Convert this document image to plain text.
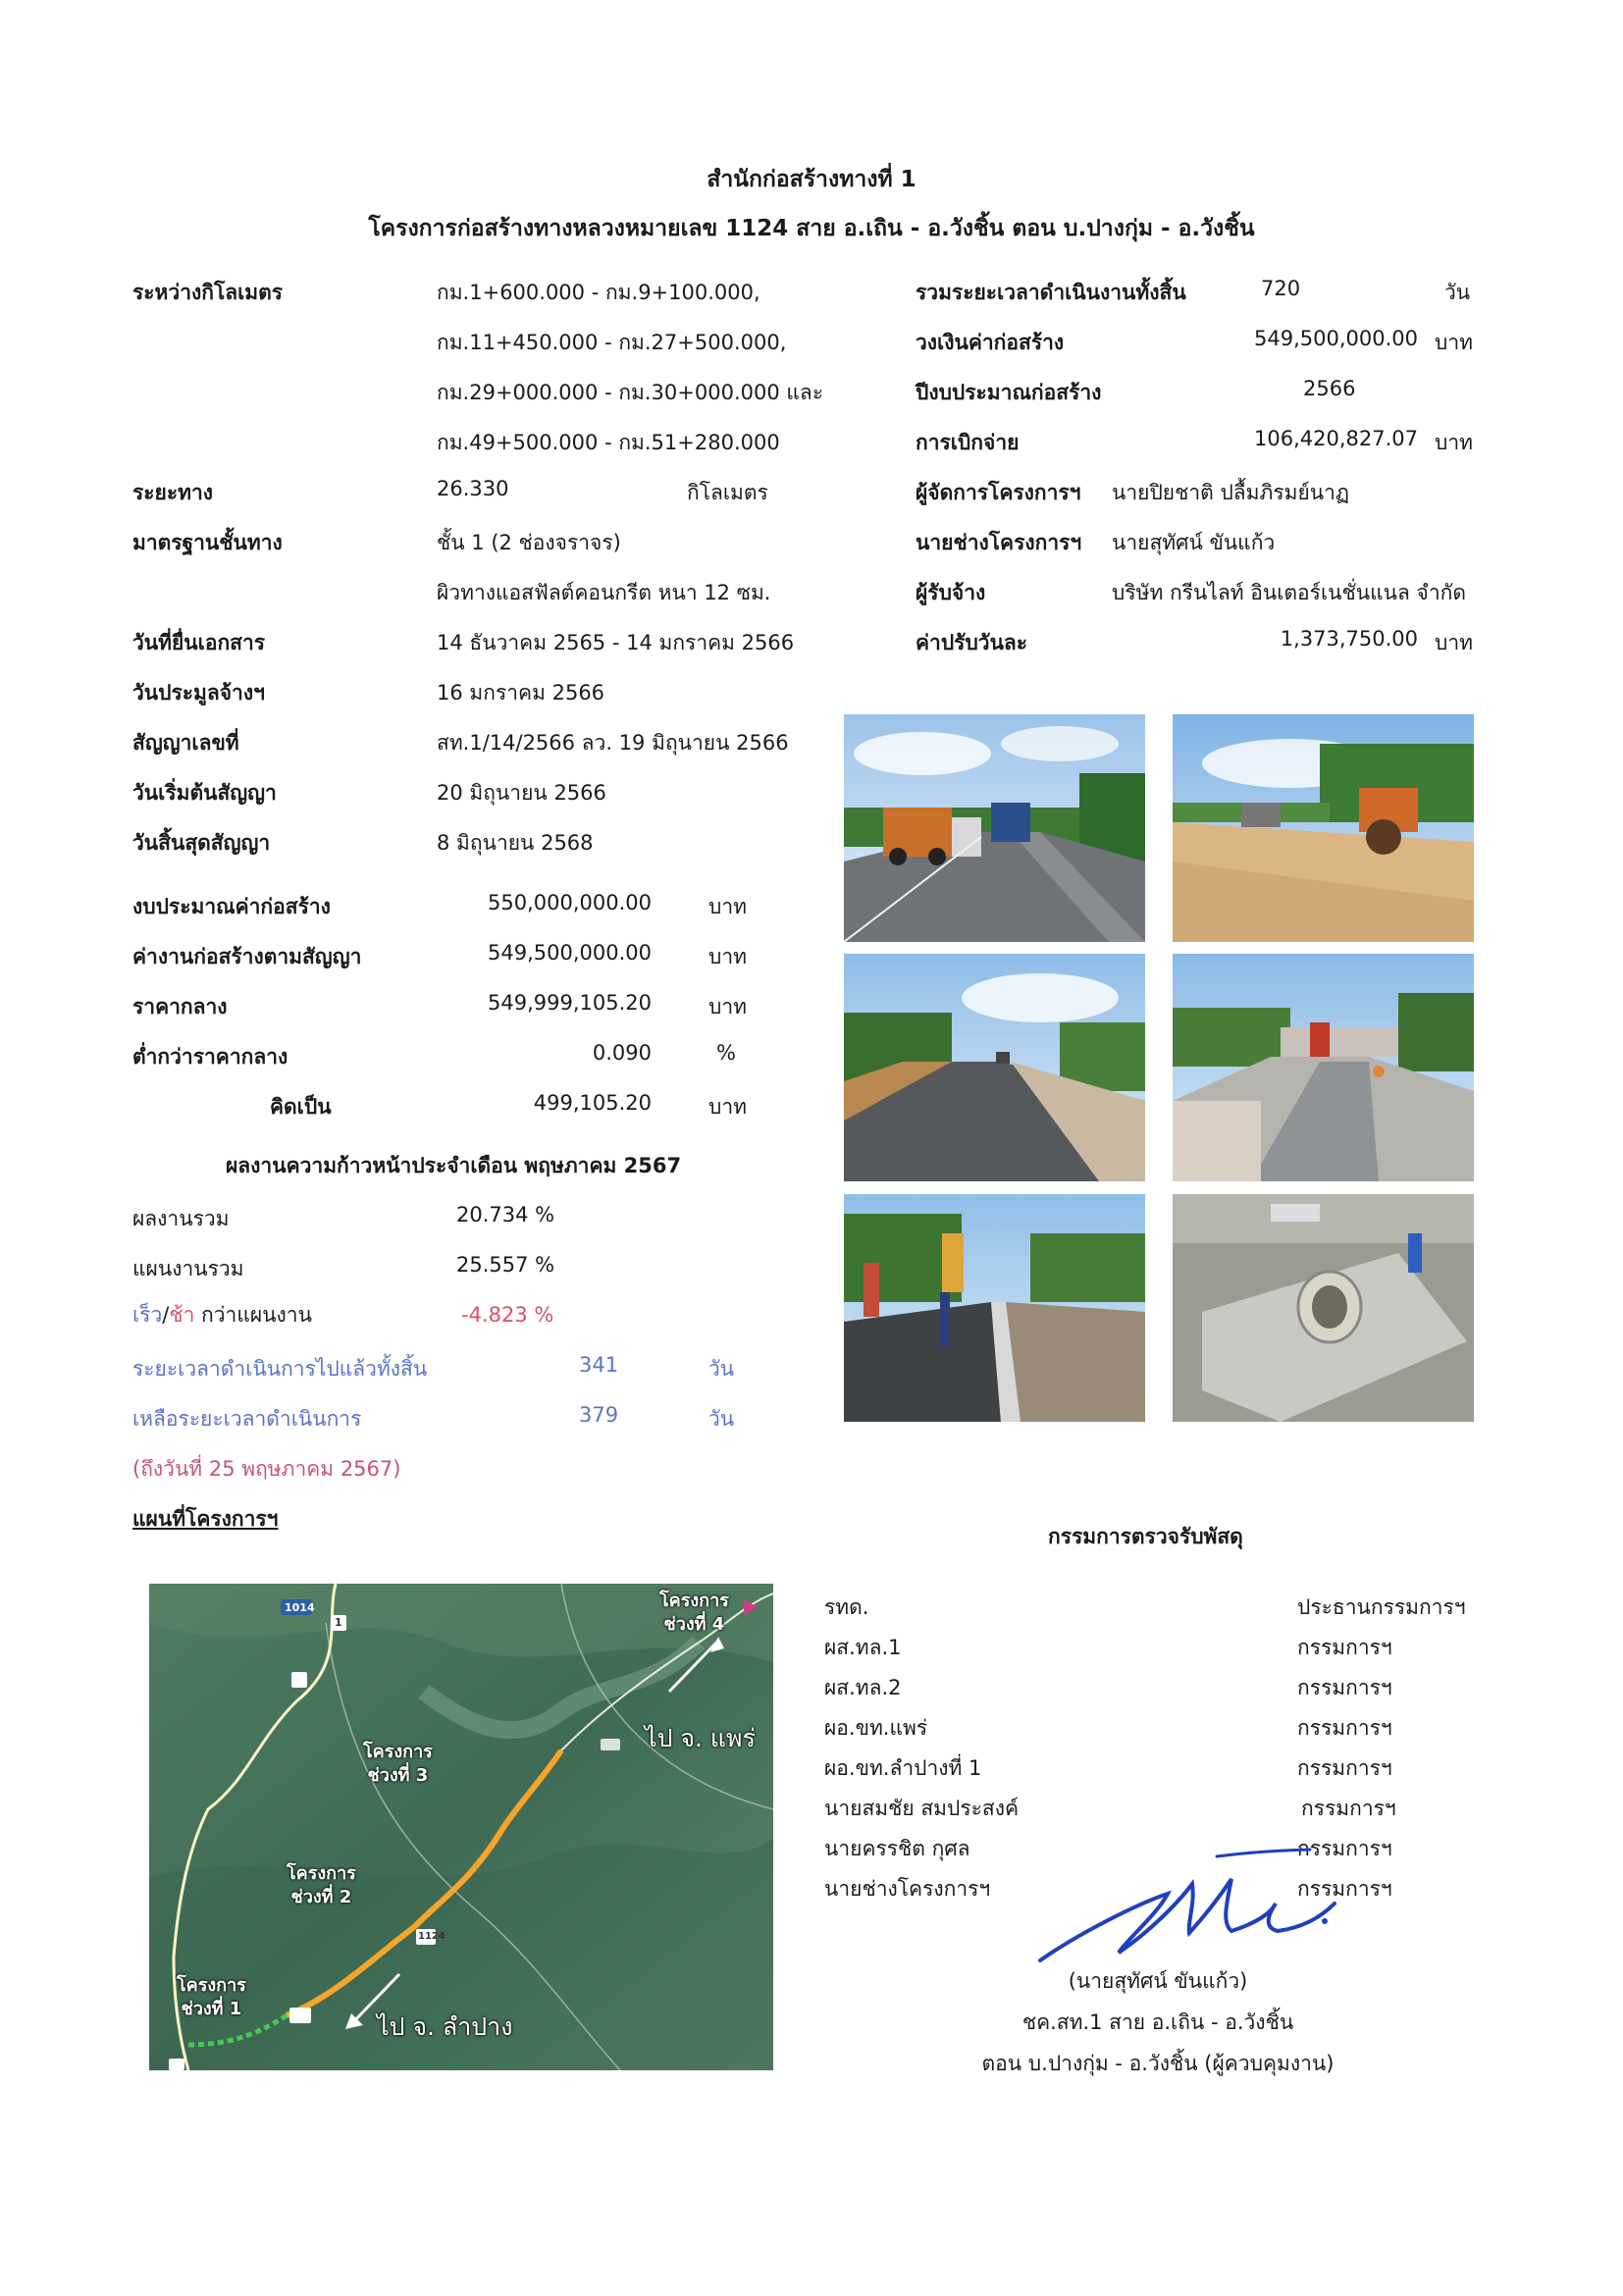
สำนักก่อสร้างทางที่ 1
โครงการก่อสร้างทางหลวงหมายเลข 1124 สาย อ.เถิน - อ.วังชิ้น ตอน บ.ปางกุ่ม - อ.วังชิ้น
ระหว่างกิโลเมตร	กม.1+600.000 - กม.9+100.000,
กม.11+450.000 - กม.27+500.000,
กม.29+000.000 - กม.30+000.000 และ
กม.49+500.000 - กม.51+280.000
ระยะทาง	26.330	กิโลเมตร
มาตรฐานชั้นทาง	ชั้น 1 (2 ช่องจราจร)
ผิวทางแอสฟัลต์คอนกรีต หนา 12 ซม.
วันที่ยื่นเอกสาร	14 ธันวาคม 2565 - 14 มกราคม 2566
วันประมูลจ้างฯ	16 มกราคม 2566
สัญญาเลขที่	สท.1/14/2566 ลว. 19 มิถุนายน 2566
วันเริ่มต้นสัญญา	20 มิถุนายน 2566
วันสิ้นสุดสัญญา	8 มิถุนายน 2568
รวมระยะเวลาดำเนินงานทั้งสิ้น	720	วัน
วงเงินค่าก่อสร้าง	549,500,000.00 บาท
ปีงบประมาณก่อสร้าง	2566
การเบิกจ่าย	106,420,827.07 บาท
ผู้จัดการโครงการฯ นายปิยชาติ ปลื้มภิรมย์นาฏ
นายช่างโครงการฯ นายสุทัศน์ ขันแก้ว
ผู้รับจ้าง	บริษัท กรีนไลท์ อินเตอร์เนชั่นแนล จำกัด
ค่าปรับวันละ	1,373,750.00 บาท
งบประมาณค่าก่อสร้าง	550,000,000.00	บาท
ค่างานก่อสร้างตามสัญญา	549,500,000.00	บาท
ราคากลาง	549,999,105.20	บาท
ต่ำกว่าราคากลาง	0.090	%
คิดเป็น	499,105.20	บาท
ผลงานความก้าวหน้าประจำเดือน พฤษภาคม 2567
ผลงานรวม	20.734 %
แผนงานรวม	25.557 %
เร็ว/ช้า กว่าแผนงาน	-4.823 %
ระยะเวลาดำเนินการไปแล้วทั้งสิ้น	341	วัน
เหลือระยะเวลาดำเนินการ	379	วัน
(ถึงวันที่ 25 พฤษภาคม 2567)
แผนที่โครงการฯ
1014
1
1124
โครงการ
ช่วงที่ 1
โครงการ
ช่วงที่ 2
โครงการ
ช่วงที่ 3
โครงการ
ช่วงที่ 4
ไป จ. แพร่
ไป จ. ลำปาง
กรรมการตรวจรับพัสดุ
รทด.	ประธานกรรมการฯ
ผส.ทล.1	กรรมการฯ
ผส.ทล.2	กรรมการฯ
ผอ.ขท.แพร่	กรรมการฯ
ผอ.ขท.ลำปางที่ 1	กรรมการฯ
นายสมชัย สมประสงค์	กรรมการฯ
นายครรชิต กุศล	กรรมการฯ
นายช่างโครงการฯ	กรรมการฯ
(นายสุทัศน์ ขันแก้ว)
ชค.สท.1 สาย อ.เถิน - อ.วังชิ้น
ตอน บ.ปางกุ่ม - อ.วังชิ้น (ผู้ควบคุมงาน)
